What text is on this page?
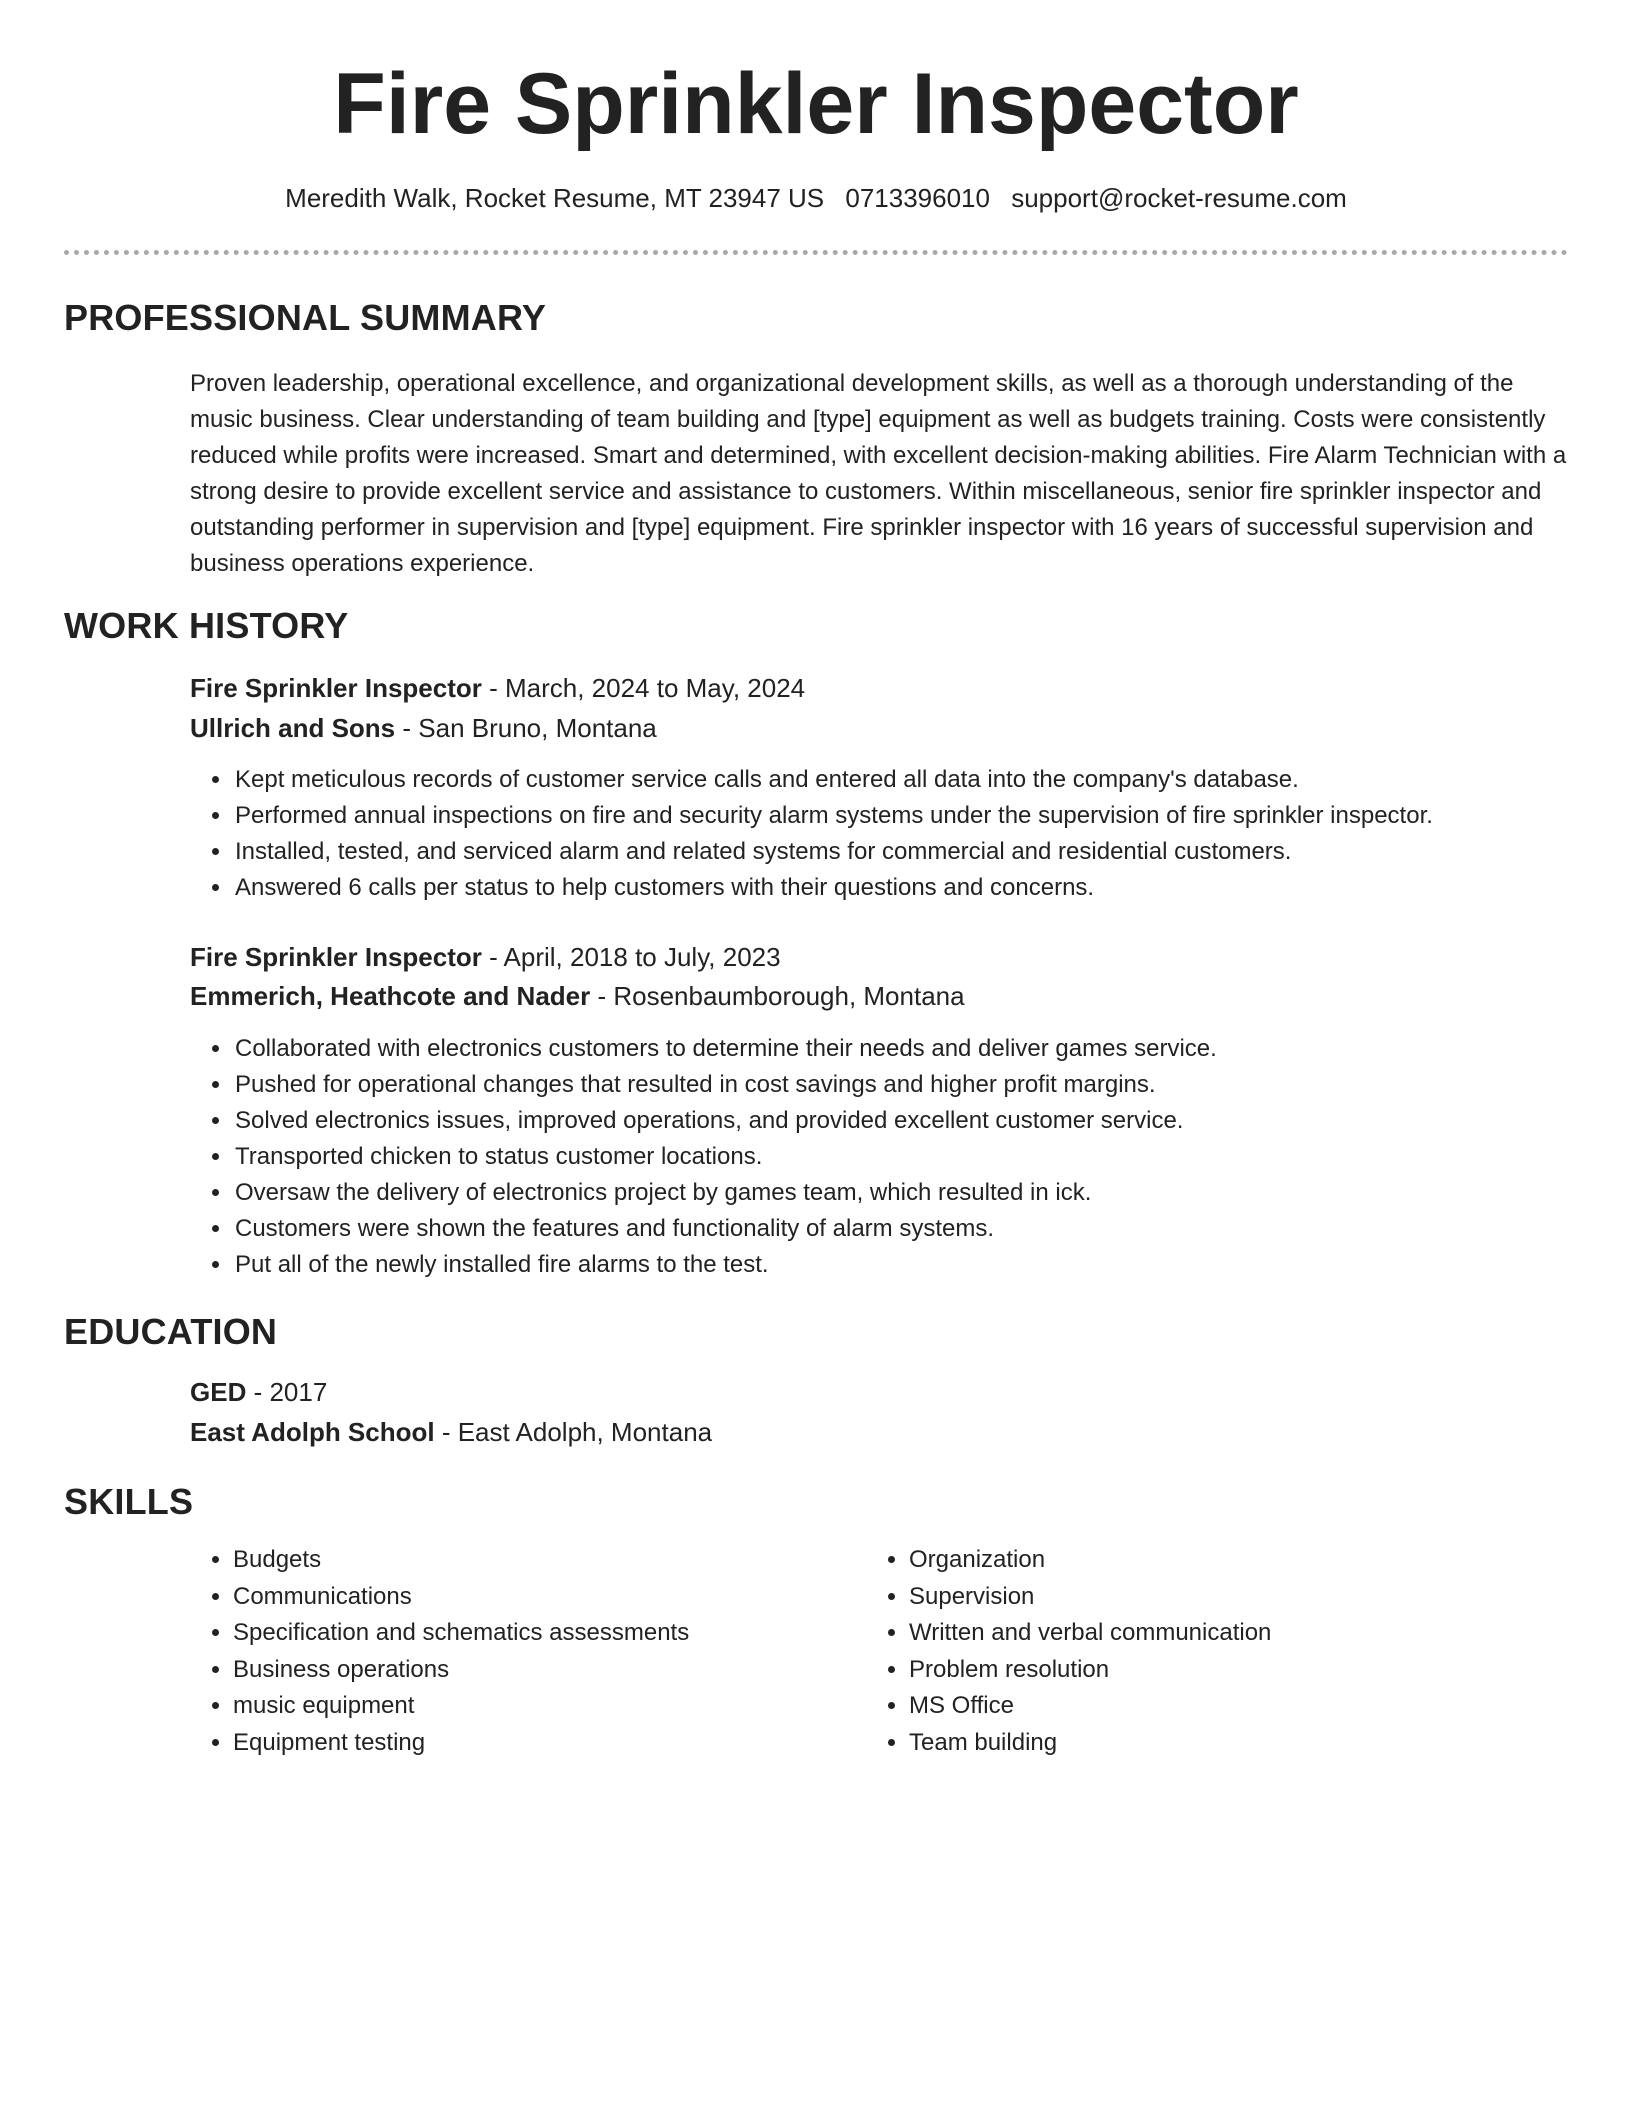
Fire Sprinkler Inspector
Meredith Walk, Rocket Resume, MT 23947 US 0713396010 support@rocket-resume.com
PROFESSIONAL SUMMARY

Proven leadership, operational excellence, and organizational development skills, as well as a thorough understanding of the music business. Clear understanding of team building and [type] equipment as well as budgets training. Costs were consistently reduced while profits were increased. Smart and determined, with excellent decision-making abilities. Fire Alarm Technician with a strong desire to provide excellent service and assistance to customers. Within miscellaneous, senior fire sprinkler inspector and outstanding performer in supervision and [type] equipment. Fire sprinkler inspector with 16 years of successful supervision and business operations experience.

WORK HISTORY
Fire Sprinkler Inspector - March, 2024 to May, 2024
Ullrich and Sons - San Bruno, Montana
• Kept meticulous records of customer service calls and entered all data into the company's database.
• Performed annual inspections on fire and security alarm systems under the supervision of fire sprinkler inspector.
• Installed, tested, and serviced alarm and related systems for commercial and residential customers.
• Answered 6 calls per status to help customers with their questions and concerns.
Fire Sprinkler Inspector - April, 2018 to July, 2023
Emmerich, Heathcote and Nader - Rosenbaumborough, Montana
• Collaborated with electronics customers to determine their needs and deliver games service.
• Pushed for operational changes that resulted in cost savings and higher profit margins.
• Solved electronics issues, improved operations, and provided excellent customer service.
• Transported chicken to status customer locations.
• Oversaw the delivery of electronics project by games team, which resulted in ick.
• Customers were shown the features and functionality of alarm systems.
• Put all of the newly installed fire alarms to the test.
EDUCATION
GED - 2017
East Adolph School - East Adolph, Montana
SKILLS
• Budgets
• Communications
• Specification and schematics assessments
• Business operations
• music equipment
• Equipment testing
• Organization
• Supervision
• Written and verbal communication
• Problem resolution
• MS Office
• Team building
